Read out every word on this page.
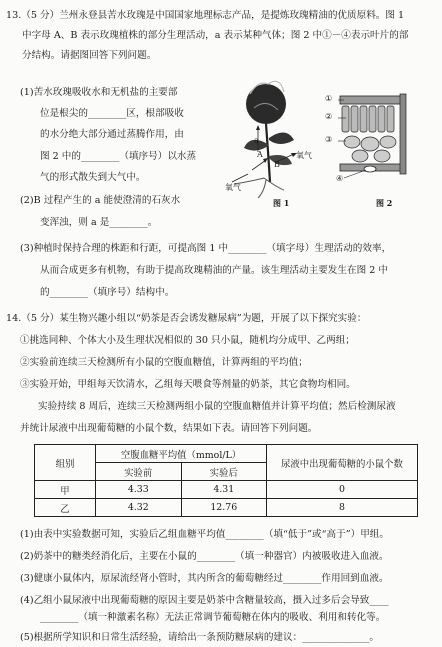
13.（5 分）兰州永登县苦水玫瑰是中国国家地理标志产品，是提炼玫瑰精油的优质原料。图 1
中字母 A、B 表示玫瑰植株的部分生理活动，a 表示某种气体；图 2 中①－④表示叶片的部
分结构。请据图回答下列问题。
(1)苦水玫瑰吸收水和无机盐的主要部
位是根尖的________区，根部吸收
的水分绝大部分通过蒸腾作用，由
图 2 中的________（填序号）以水蒸
气的形式散失到大气中。
(2)B 过程产生的 a 能使澄清的石灰水
变浑浊，则 a 是________。
a
A
B
氧气
氧气
图 1
①
②
③
④
图 2
(3)种植时保持合理的株距和行距，可提高图 1 中________（填字母）生理活动的效率，
从而合成更多有机物，有助于提高玫瑰精油的产量。该生理活动主要发生在图 2 中
的________（填序号）结构中。
14.（5 分）某生物兴趣小组以“奶茶是否会诱发糖尿病”为题，开展了以下探究实验：
①挑选同种、个体大小及生理状况相似的 30 只小鼠，随机均分成甲、乙两组；
②实验前连续三天检测所有小鼠的空腹血糖值，计算两组的平均值；
③实验开始，甲组每天饮清水，乙组每天喂食等剂量的奶茶，其它食物均相同。
实验持续 8 周后，连续三天检测两组小鼠的空腹血糖值并计算平均值；然后检测尿液
并统计尿液中出现葡萄糖的小鼠个数，结果如下表。请回答下列问题。
组别	空腹血糖平均值（mmol/L）		尿液中出现葡萄糖的小鼠个数
	实验前	实验后	
甲	4.33	4.31	0
乙	4.32	12.76	8
(1)由表中实验数据可知，实验后乙组血糖平均值________（填“低于”或“高于”）甲组。
(2)奶茶中的糖类经消化后，主要在小鼠的________（填一种器官）内被吸收进入血液。
(3)健康小鼠体内，原尿流经肾小管时，其内所含的葡萄糖经过________作用回到血液。
(4)乙组小鼠尿液中出现葡萄糖的原因主要是奶茶中含糖量较高，摄入过多后会导致____
________（填一种激素名称）无法正常调节葡萄糖在体内的吸收、利用和转化等。
(5)根据所学知识和日常生活经验，请给出一条预防糖尿病的建议：______________。
